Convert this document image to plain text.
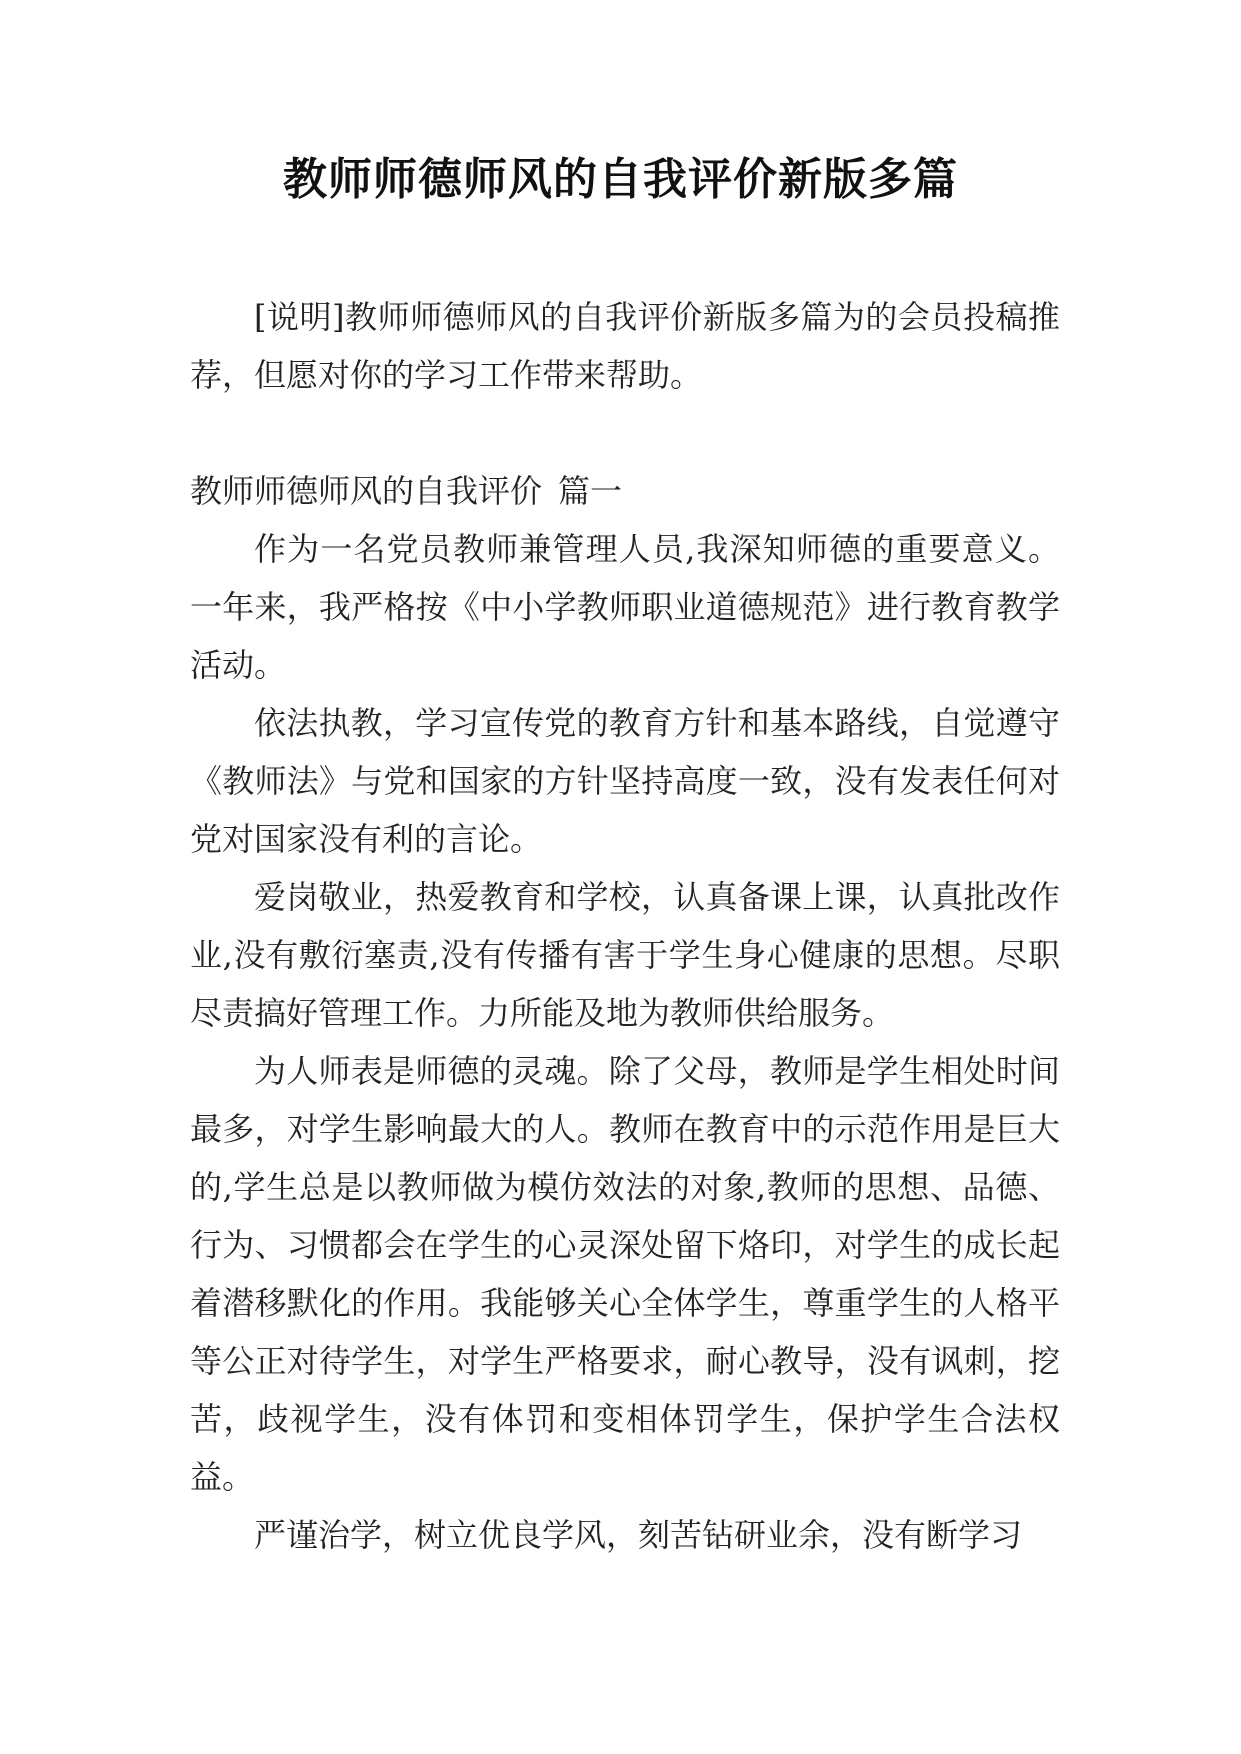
教师师德师风的自我评价新版多篇

[说明]教师师德师风的自我评价新版多篇为的会员投稿推荐，但愿对你的学习工作带来帮助。

教师师德师风的自我评价 篇一

作为一名党员教师兼管理人员,我深知师德的重要意义。一年来，我严格按《中小学教师职业道德规范》进行教育教学活动。

依法执教，学习宣传党的教育方针和基本路线，自觉遵守《教师法》与党和国家的方针坚持高度一致，没有发表任何对党对国家没有利的言论。

爱岗敬业，热爱教育和学校，认真备课上课，认真批改作业,没有敷衍塞责,没有传播有害于学生身心健康的思想。尽职尽责搞好管理工作。力所能及地为教师供给服务。

为人师表是师德的灵魂。除了父母，教师是学生相处时间最多，对学生影响最大的人。教师在教育中的示范作用是巨大的,学生总是以教师做为模仿效法的对象,教师的思想、品德、行为、习惯都会在学生的心灵深处留下烙印，对学生的成长起着潜移默化的作用。我能够关心全体学生，尊重学生的人格平等公正对待学生，对学生严格要求，耐心教导，没有讽刺，挖苦，歧视学生，没有体罚和变相体罚学生，保护学生合法权益。

严谨治学，树立优良学风，刻苦钻研业余，没有断学习
